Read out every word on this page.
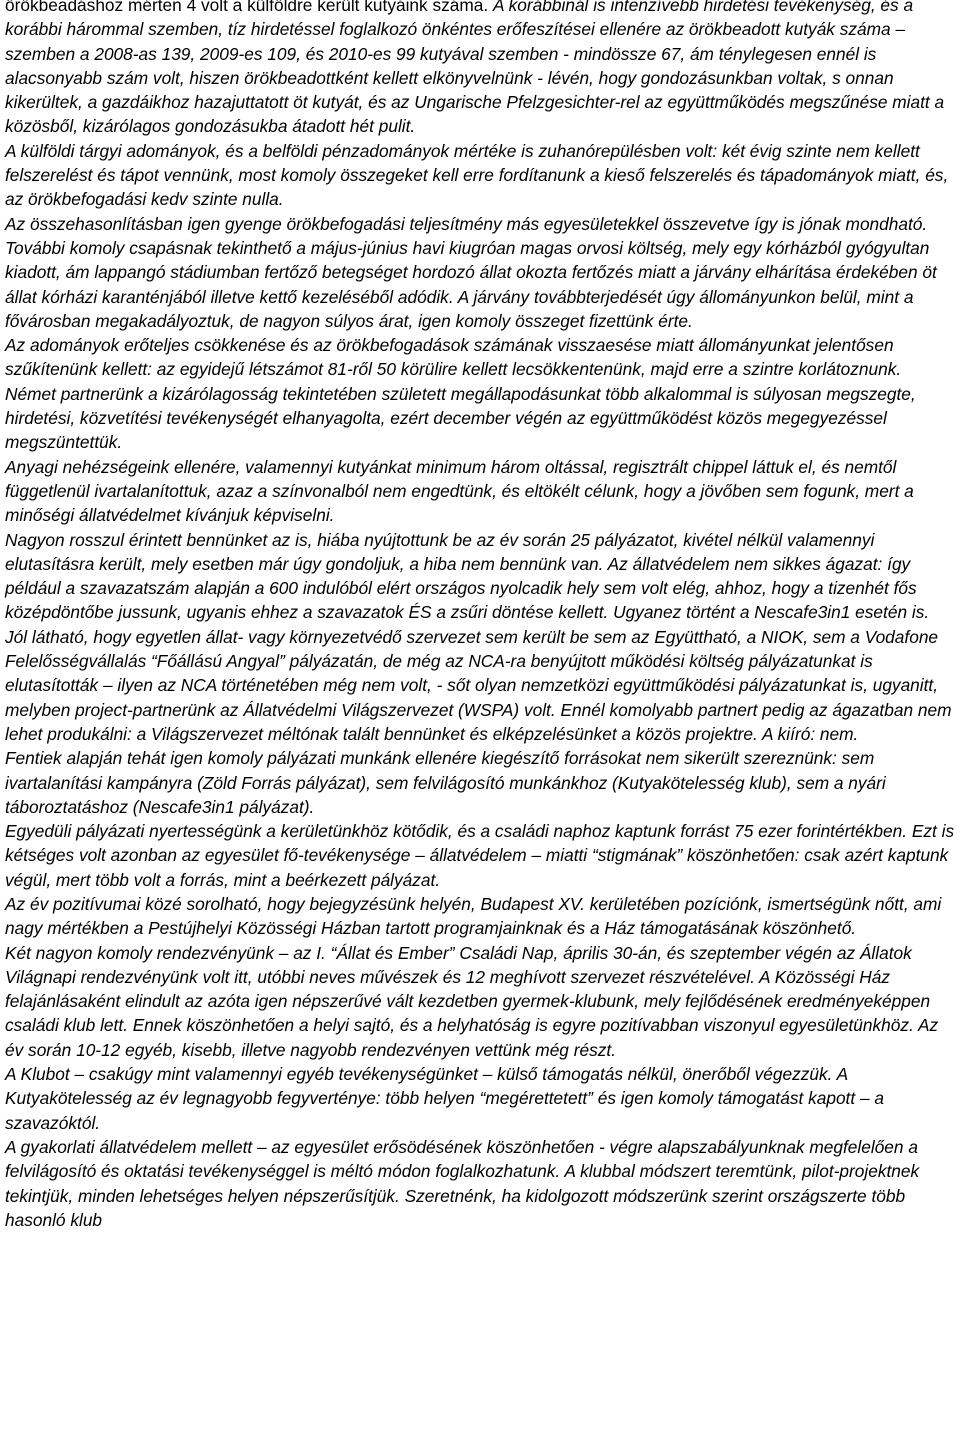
örökbeadáshoz mérten 4 volt a külföldre került kutyáink száma. A korábbinál is intenzívebb hirdetési tevékenység, és a korábbi hárommal szemben, tíz hirdetéssel foglalkozó önkéntes erőfeszítései ellenére az örökbeadott kutyák száma – szemben a 2008-as 139, 2009-es 109, és 2010-es 99 kutyával szemben - mindössze 67, ám ténylegesen ennél is alacsonyabb szám volt, hiszen örökbeadottként kellett elkönyvelnünk - lévén, hogy gondozásunkban voltak, s onnan kikerültek, a gazdáikhoz hazajuttatott öt kutyát, és az Ungarische Pfelzgesichter-rel az együttműködés megszűnése miatt a közösből, kizárólagos gondozásukba átadott hét pulit.

A külföldi tárgyi adományok, és a belföldi pénzadományok mértéke is zuhanórepülésben volt: két évig szinte nem kellett felszerelést és tápot vennünk, most komoly összegeket kell erre fordítanunk a kieső felszerelés és tápadományok miatt, és, az örökbefogadási kedv szinte nulla.

Az összehasonlításban igen gyenge örökbefogadási teljesítmény más egyesületekkel összevetve így is jónak mondható.

További komoly csapásnak tekinthető a május-június havi kiugróan magas orvosi költség, mely egy kórházból gyógyultan kiadott, ám lappangó stádiumban fertőző betegséget hordozó állat okozta fertőzés miatt a járvány elhárítása érdekében öt állat kórházi karanténjából illetve kettő kezeléséből adódik. A járvány továbbterjedését úgy állományunkon belül, mint a fővárosban megakadályoztuk, de nagyon súlyos árat, igen komoly összeget fizettünk érte.

Az adományok erőteljes csökkenése és az örökbefogadások számának visszaesése miatt állományunkat jelentősen szűkítenünk kellett: az egyidejű létszámot 81-ről 50 körülire kellett lecsökkentenünk, majd erre a szintre korlátoznunk.

Német partnerünk a kizárólagosság tekintetében született megállapodásunkat több alkalommal is súlyosan megszegte, hirdetési, közvetítési tevékenységét elhanyagolta, ezért december végén az együttműködést közös megegyezéssel megszüntettük.

Anyagi nehézségeink ellenére, valamennyi kutyánkat minimum három oltással, regisztrált chippel láttuk el, és nemtől függetlenül ivartalanítottuk, azaz a színvonalból nem engedtünk, és eltökélt célunk, hogy a jövőben sem fogunk, mert a minőségi állatvédelmet kívánjuk képviselni.

Nagyon rosszul érintett bennünket az is, hiába nyújtottunk be az év során 25 pályázatot, kivétel nélkül valamennyi elutasításra került, mely esetben már úgy gondoljuk, a hiba nem bennünk van. Az állatvédelem nem sikkes ágazat: így például a szavazatszám alapján a 600 indulóból elért országos nyolcadik hely sem volt elég, ahhoz, hogy a tizenhét fős középdöntőbe jussunk, ugyanis ehhez a szavazatok ÉS a zsűri döntése kellett. Ugyanez történt a Nescafe3in1 esetén is. Jól látható, hogy egyetlen állat- vagy környezetvédő szervezet sem került be sem az Együttható, a NIOK, sem a Vodafone Felelősségvállalás “Főállású Angyal” pályázatán, de még az NCA-ra benyújtott működési költség pályázatunkat is elutasították – ilyen az NCA történetében még nem volt, - sőt olyan nemzetközi együttműködési pályázatunkat is, ugyanitt, melyben project-partnerünk az Állatvédelmi Világszervezet (WSPA) volt. Ennél komolyabb partnert pedig az ágazatban nem lehet produkálni: a Világszervezet méltónak talált bennünket és elképzelésünket a közös projektre. A kiíró: nem.

Fentiek alapján tehát igen komoly pályázati munkánk ellenére kiegészítő forrásokat nem sikerült szereznünk: sem ivartalanítási kampányra (Zöld Forrás pályázat), sem felvilágosító munkánkhoz (Kutyakötelesség klub), sem a nyári táboroztatáshoz (Nescafe3in1 pályázat).

Egyedüli pályázati nyertességünk a kerületünkhöz kötődik, és a családi naphoz kaptunk forrást 75 ezer forintértékben. Ezt is kétséges volt azonban az egyesület fő-tevékenysége – állatvédelem – miatti “stigmának” köszönhetően: csak azért kaptunk végül, mert több volt a forrás, mint a beérkezett pályázat.

Az év pozitívumai közé sorolható, hogy bejegyzésünk helyén, Budapest XV. kerületében pozíciónk, ismertségünk nőtt, ami nagy mértékben a Pestújhelyi Közösségi Házban tartott programjainknak és a Ház támogatásának köszönhető.

Két nagyon komoly rendezvényünk – az I. “Állat és Ember” Családi Nap, április 30-án, és szeptember végén az Állatok Világnapi rendezvényünk volt itt, utóbbi neves művészek és 12 meghívott szervezet részvételével. A Közösségi Ház felajánlásaként elindult az azóta igen népszerűvé vált kezdetben gyermek-klubunk, mely fejlődésének eredményeképpen családi klub lett. Ennek köszönhetően a helyi sajtó, és a helyhatóság is egyre pozitívabban viszonyul egyesületünkhöz. Az év során 10-12 egyéb, kisebb, illetve nagyobb rendezvényen vettünk még részt.

A Klubot – csakúgy mint valamennyi egyéb tevékenységünket – külső támogatás nélkül, önerőből végezzük. A Kutyakötelesség az év legnagyobb fegyverténye: több helyen “megérettetett” és igen komoly támogatást kapott – a szavazóktól.

A gyakorlati állatvédelem mellett – az egyesület erősödésének köszönhetően - végre alapszabályunknak megfelelően a felvilágosító és oktatási tevékenységgel is méltó módon foglalkozhatunk. A klubbal módszert teremtünk, pilot-projektnek tekintjük, minden lehetséges helyen népszerűsítjük. Szeretnénk, ha kidolgozott módszerünk szerint országszerte több hasonló klub
